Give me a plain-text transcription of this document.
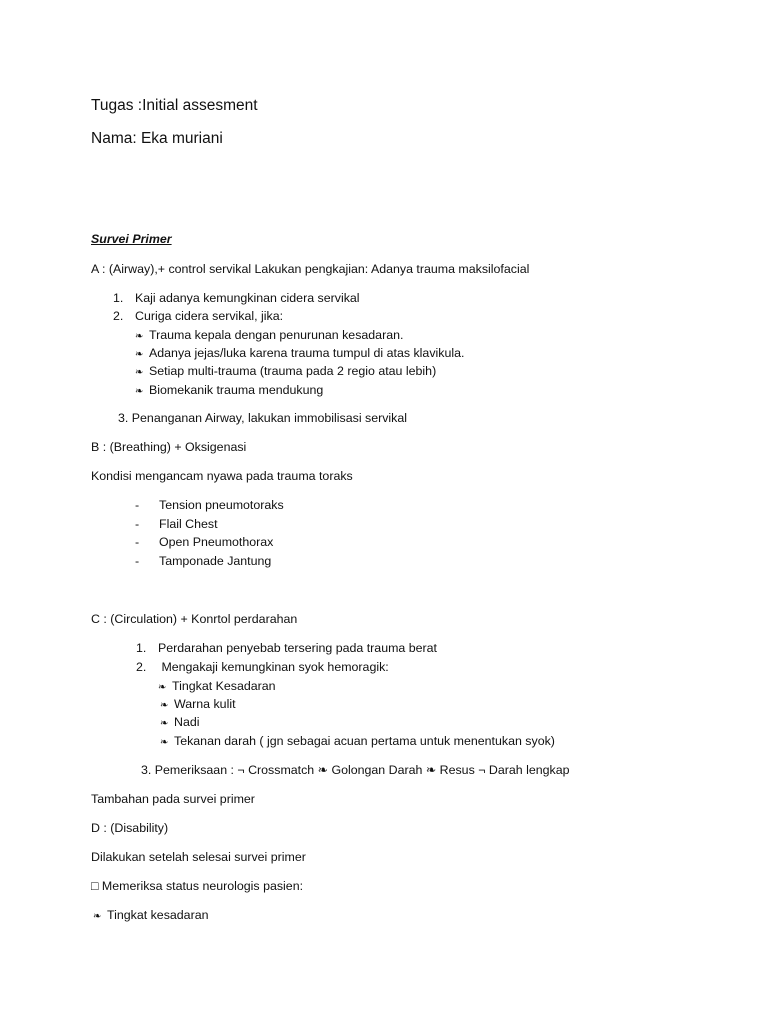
Tugas :Initial assesment
Nama: Eka muriani
Survei Primer
A : (Airway),+ control servikal Lakukan pengkajian: Adanya trauma maksilofacial
1. Kaji adanya kemungkinan cidera servikal
2. Curiga cidera servikal, jika:
❧ Trauma kepala dengan penurunan kesadaran.
❧ Adanya jejas/luka karena trauma tumpul di atas klavikula.
❧ Setiap multi-trauma (trauma pada 2 regio atau lebih)
❧ Biomekanik trauma mendukung
3. Penanganan Airway, lakukan immobilisasi servikal
B : (Breathing) + Oksigenasi
Kondisi mengancam nyawa pada trauma toraks
- Tension pneumotoraks
- Flail Chest
- Open Pneumothorax
- Tamponade Jantung
C : (Circulation) + Konrtol perdarahan
1. Perdarahan penyebab tersering pada trauma berat
2. Mengakaji kemungkinan syok hemoragik:
❧ Tingkat Kesadaran
❧ Warna kulit
❧ Nadi
❧ Tekanan darah ( jgn sebagai acuan pertama untuk menentukan syok)
3. Pemeriksaan : ¬ Crossmatch ❧ Golongan Darah ❧ Resus ¬ Darah lengkap
Tambahan pada survei primer
D : (Disability)
Dilakukan setelah selesai survei primer
□ Memeriksa status neurologis pasien:
❧ Tingkat kesadaran
